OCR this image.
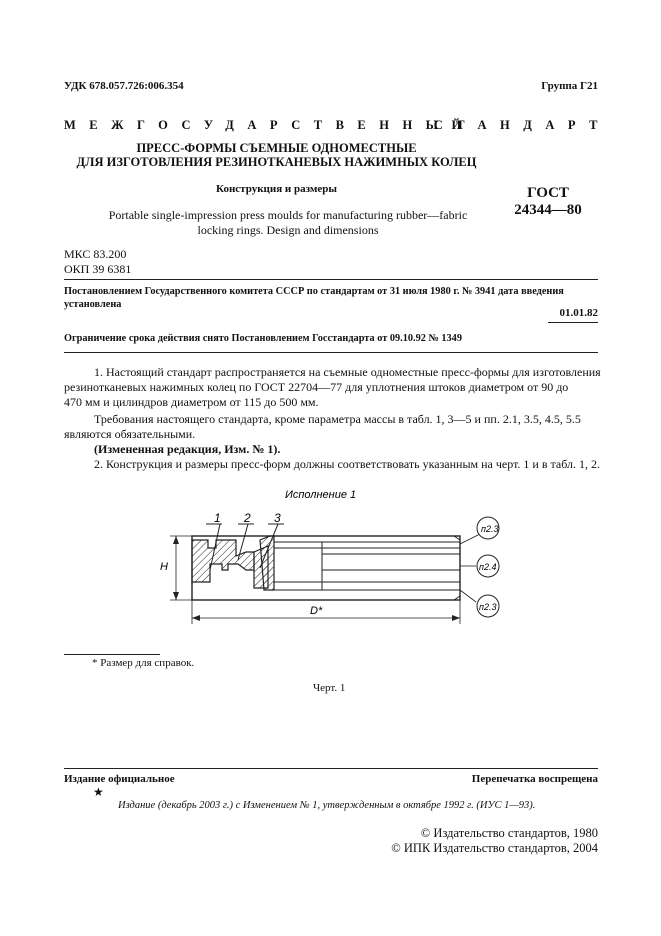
УДК 678.057.726:006.354	Группа Г21
МЕЖГОСУДАРСТВЕННЫЙ
СТАНДАРТ
ПРЕСС-ФОРМЫ СЪЕМНЫЕ ОДНОМЕСТНЫЕ
ДЛЯ ИЗГОТОВЛЕНИЯ РЕЗИНОТКАНЕВЫХ НАЖИМНЫХ КОЛЕЦ
Конструкция и размеры
Portable single-impression press moulds for manufacturing rubber—fabric
locking rings. Design and dimensions
ГОСТ
24344—80
МКС 83.200
ОКП 39 6381
Постановлением Государственного комитета СССР по стандартам от 31 июля 1980 г. № 3941 дата введения
установлена
01.01.82
Ограничение срока действия снято Постановлением Госстандарта от 09.10.92 № 1349
1. Настоящий стандарт распространяется на съемные одноместные пресс-формы для изготовления
резинотканевых нажимных колец по ГОСТ 22704—77 для уплотнения штоков диаметром от 90 до
470 мм и цилиндров диаметром от 115 до 500 мм.
Требования настоящего стандарта, кроме параметра массы в табл. 1, 3—5 и пп. 2.1, 3.5, 4.5, 5.5
являются обязательными.
(Измененная редакция, Изм. № 1).
2. Конструкция и размеры пресс-форм должны соответствовать указанным на черт. 1 и в табл. 1, 2.
Исполнение 1
1 2 3
H
D*
п2.3
п2.4
п2.3
* Размер для справок.
Черт. 1
Издание официальное	Перепечатка воспрещена
★
Издание (декабрь 2003 г.) с Изменением № 1, утвержденным в октябре 1992 г. (ИУС 1—93).
© Издательство стандартов, 1980
© ИПК Издательство стандартов, 2004
